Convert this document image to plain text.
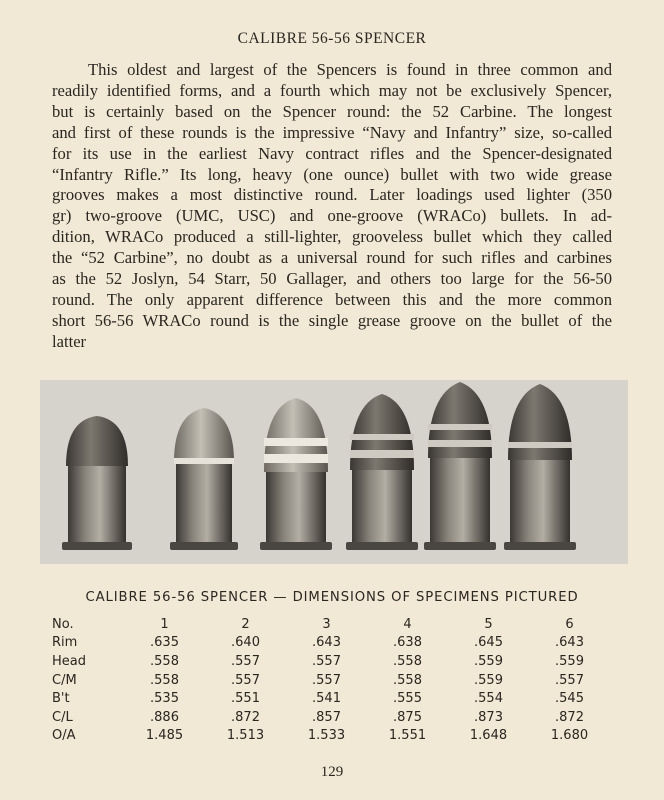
CALIBRE 56-56 SPENCER
This oldest and largest of the Spencers is found in three common and
readily identified forms, and a fourth which may not be exclusively Spencer,
but is certainly based on the Spencer round: the 52 Carbine. The longest
and first of these rounds is the impressive “Navy and Infantry” size, so-called
for its use in the earliest Navy contract rifles and the Spencer-designated
“Infantry Rifle.” Its long, heavy (one ounce) bullet with two wide grease
grooves makes a most distinctive round. Later loadings used lighter (350
gr) two-groove (UMC, USC) and one-groove (WRACo) bullets. In ad-
dition, WRACo produced a still-lighter, grooveless bullet which they called
the “52 Carbine”, no doubt as a universal round for such rifles and carbines
as the 52 Joslyn, 54 Starr, 50 Gallager, and others too large for the 56-50
round. The only apparent difference between this and the more common
short 56-56 WRACo round is the single grease groove on the bullet of the
latter
CALIBRE 56-56 SPENCER — DIMENSIONS OF SPECIMENS PICTURED
No.	1	2	3	4	5	6
Rim	.635	.640	.643	.638	.645	.643
Head	.558	.557	.557	.558	.559	.559
C/M	.558	.557	.557	.558	.559	.557
B't	.535	.551	.541	.555	.554	.545
C/L	.886	.872	.857	.875	.873	.872
O/A	1.485	1.513	1.533	1.551	1.648	1.680
129
